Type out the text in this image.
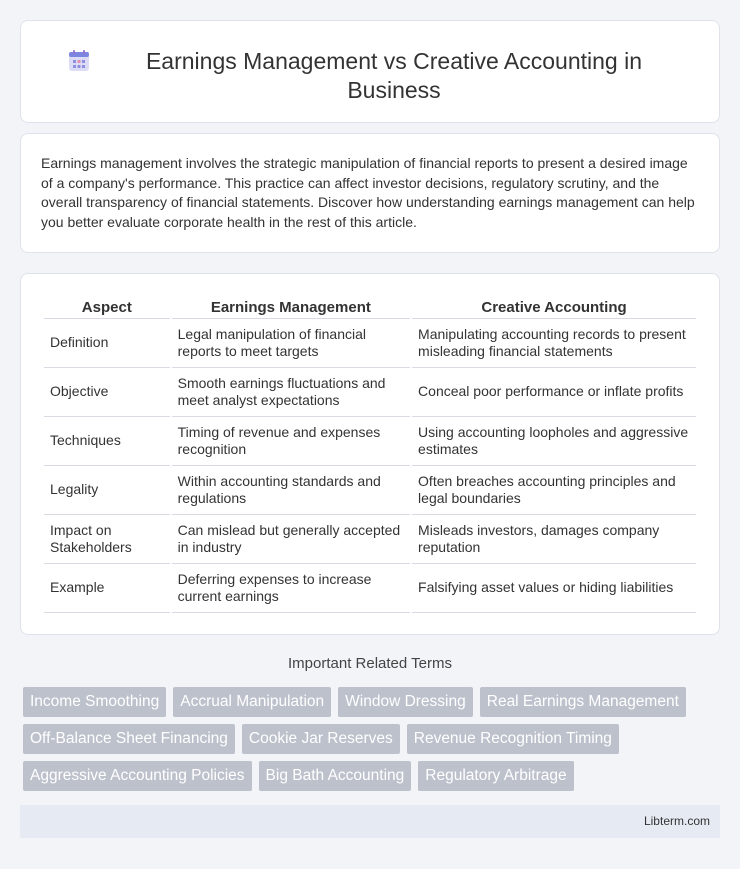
Earnings Management vs Creative Accounting in Business

Earnings management involves the strategic manipulation of financial reports to present a desired image of a company's performance. This practice can affect investor decisions, regulatory scrutiny, and the overall transparency of financial statements. Discover how understanding earnings management can help you better evaluate corporate health in the rest of this article.

Aspect	Earnings Management	Creative Accounting
Definition	Legal manipulation of financial reports to meet targets	Manipulating accounting records to present misleading financial statements
Objective	Smooth earnings fluctuations and meet analyst expectations	Conceal poor performance or inflate profits
Techniques	Timing of revenue and expenses recognition	Using accounting loopholes and aggressive estimates
Legality	Within accounting standards and regulations	Often breaches accounting principles and legal boundaries
Impact on Stakeholders	Can mislead but generally accepted in industry	Misleads investors, damages company reputation
Example	Deferring expenses to increase current earnings	Falsifying asset values or hiding liabilities
Important Related Terms
Income Smoothing	Accrual Manipulation	Window Dressing	Real Earnings Management
Off-Balance Sheet Financing	Cookie Jar Reserves	Revenue Recognition Timing
Aggressive Accounting Policies	Big Bath Accounting	Regulatory Arbitrage
Libterm.com
